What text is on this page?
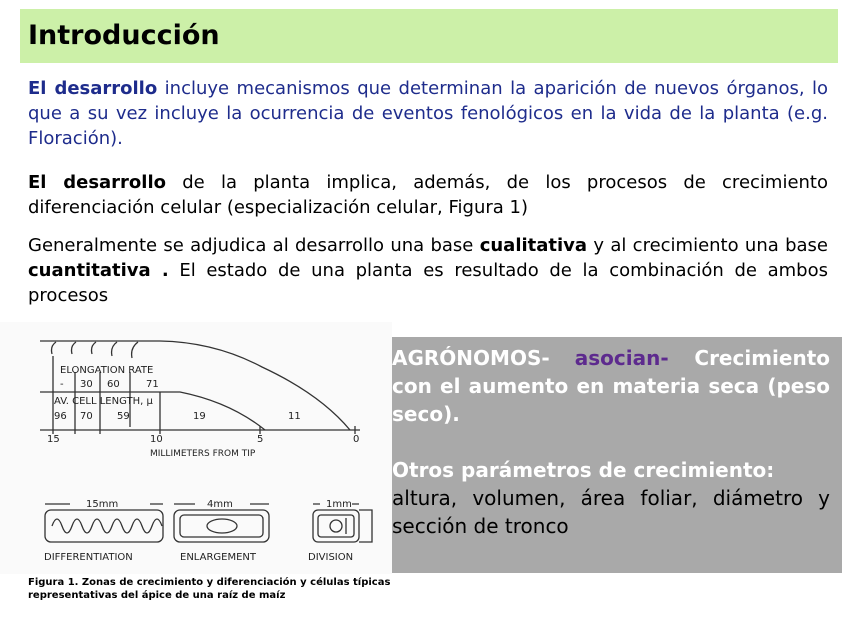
Introducción
El desarrollo incluye mecanismos que determinan la aparición de nuevos órganos, lo que a su vez incluye la ocurrencia de eventos fenológicos en la vida de la planta (e.g. Floración).
El desarrollo de la planta implica, además, de los procesos de crecimiento diferenciación celular (especialización celular, Figura 1)
Generalmente se adjudica al desarrollo una base cualitativa y al crecimiento una base cuantitativa . El estado de una planta es resultado de la combinación de ambos procesos
ELONGATION RATE
- 30 60	71
AV. CELL LENGTH, μ
96 70 59	19	11
15	10	5	0
MILLIMETERS FROM TIP
15mm	4mm	1mm
DIFFERENTIATION	ENLARGEMENT	DIVISION
Figura 1. Zonas de crecimiento y diferenciación y células típicas representativas del ápice de una raíz de maíz

AGRÓNOMOS- asocian- Crecimiento con el aumento en materia seca (peso seco).

Otros parámetros de crecimiento:
altura, volumen, área foliar, diámetro y sección de tronco
